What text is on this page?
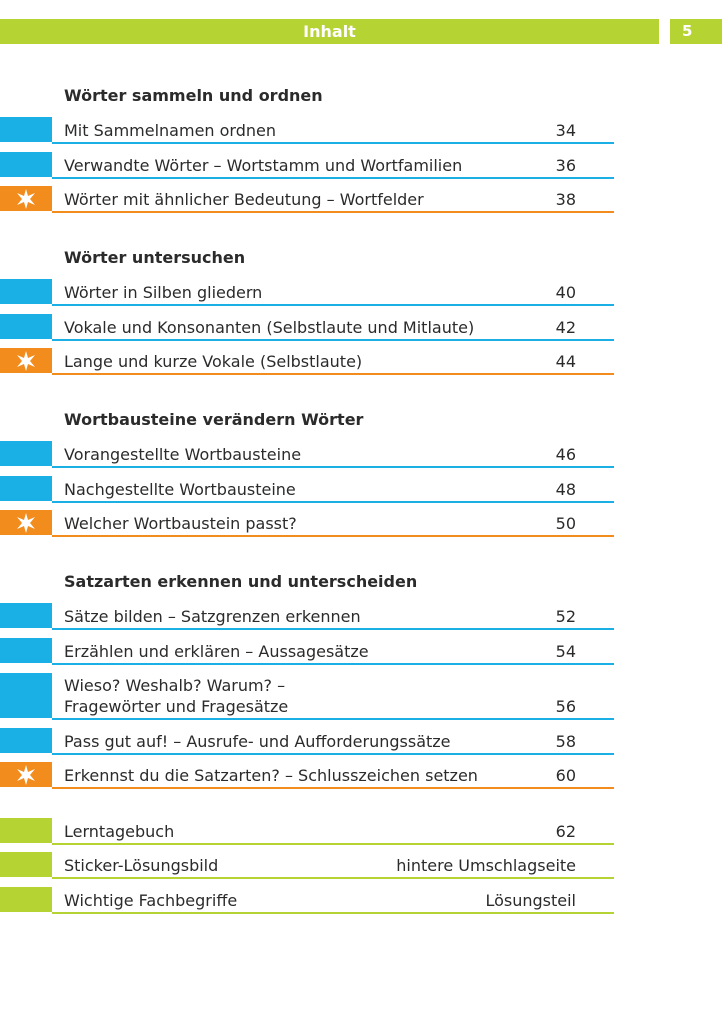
Inhalt	5
Wörter sammeln und ordnen
Mit Sammelnamen ordnen	34
Verwandte Wörter – Wortstamm und Wortfamilien	36
Wörter mit ähnlicher Bedeutung – Wortfelder	38
Wörter untersuchen
Wörter in Silben gliedern	40
Vokale und Konsonanten (Selbstlaute und Mitlaute)	42
Lange und kurze Vokale (Selbstlaute)	44
Wortbausteine verändern Wörter
Vorangestellte Wortbausteine	46
Nachgestellte Wortbausteine	48
Welcher Wortbaustein passt?	50
Satzarten erkennen und unterscheiden
Sätze bilden – Satzgrenzen erkennen	52
Erzählen und erklären – Aussagesätze	54
Wieso? Weshalb? Warum? –
Fragewörter und Fragesätze	56
Pass gut auf! – Ausrufe- und Aufforderungssätze	58
Erkennst du die Satzarten? – Schlusszeichen setzen	60
Lerntagebuch	62
Sticker-Lösungsbild	hintere Umschlagseite
Wichtige Fachbegriffe	Lösungsteil
